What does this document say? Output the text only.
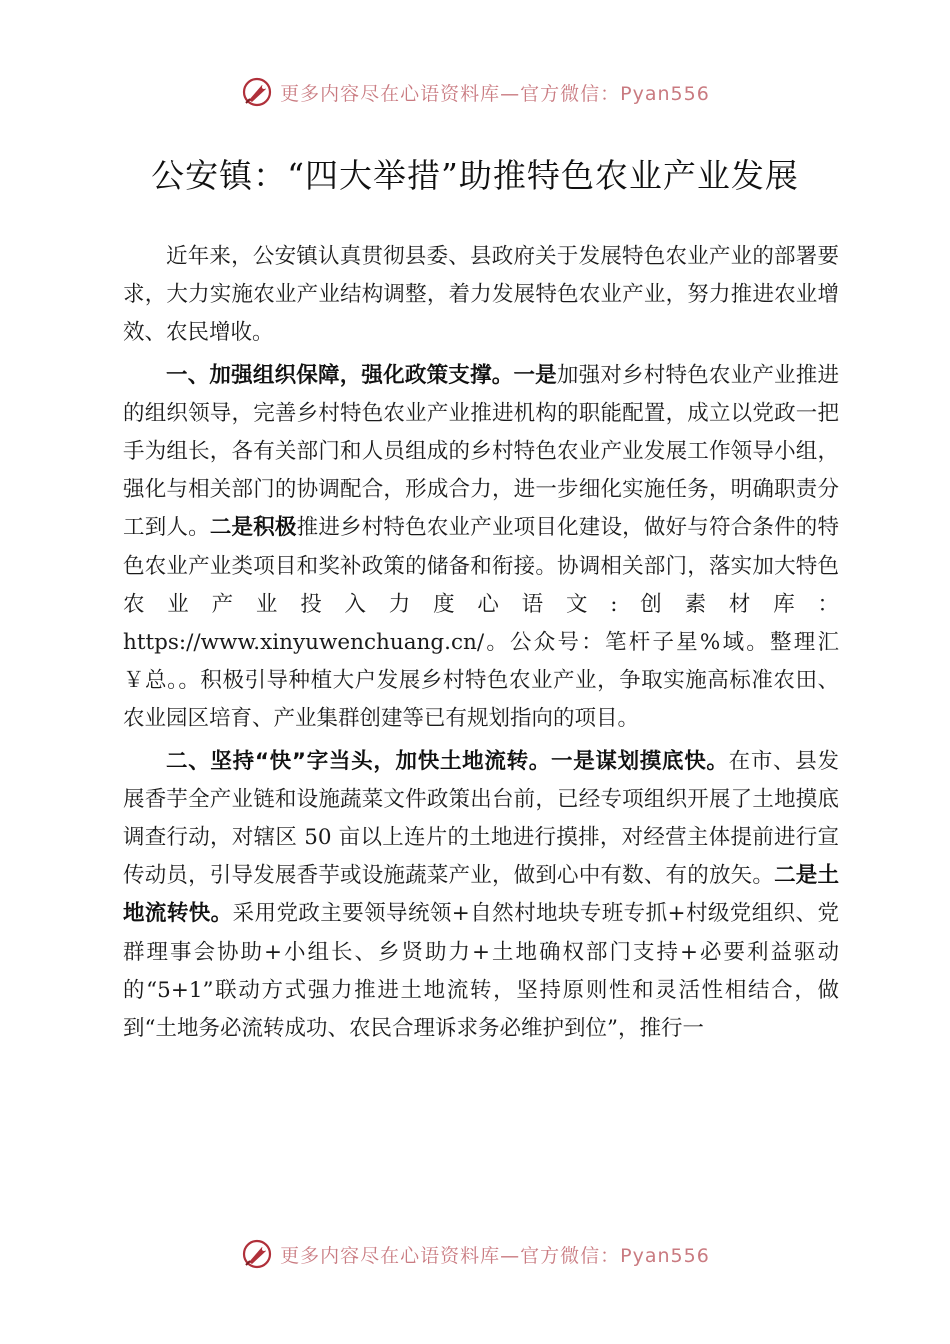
更多内容尽在心语资料库—官方微信：Pyan556
公安镇：“四大举措”助推特色农业产业发展

近年来，公安镇认真贯彻县委、县政府关于发展特色农业产业的部署要求，大力实施农业产业结构调整，着力发展特色农业产业，努力推进农业增效、农民增收。

一、加强组织保障，强化政策支撑。一是加强对乡村特色农业产业推进的组织领导，完善乡村特色农业产业推进机构的职能配置，成立以党政一把手为组长，各有关部门和人员组成的乡村特色农业产业发展工作领导小组，强化与相关部门的协调配合，形成合力，进一步细化实施任务，明确职责分工到人。二是积极推进乡村特色农业产业项目化建设，做好与符合条件的特色农业产业类项目和奖补政策的储备和衔接。协调相关部门，落实加大特色农业产业投入力度心语文:创素材库：https://www.xinyuwenchuang.cn/。公众号：笔杆子星%域。整理汇￥总。。积极引导种植大户发展乡村特色农业产业，争取实施高标准农田、农业园区培育、产业集群创建等已有规划指向的项目。

二、坚持“快”字当头，加快土地流转。一是谋划摸底快。在市、县发展香芋全产业链和设施蔬菜文件政策出台前，已经专项组织开展了土地摸底调查行动，对辖区 50 亩以上连片的土地进行摸排，对经营主体提前进行宣传动员，引导发展香芋或设施蔬菜产业，做到心中有数、有的放矢。二是土地流转快。采用党政主要领导统领+自然村地块专班专抓+村级党组织、党群理事会协助+小组长、乡贤助力+土地确权部门支持+必要利益驱动的“5+1”联动方式强力推进土地流转，坚持原则性和灵活性相结合，做到“土地务必流转成功、农民合理诉求务必维护到位”，推行一

更多内容尽在心语资料库—官方微信：Pyan556
